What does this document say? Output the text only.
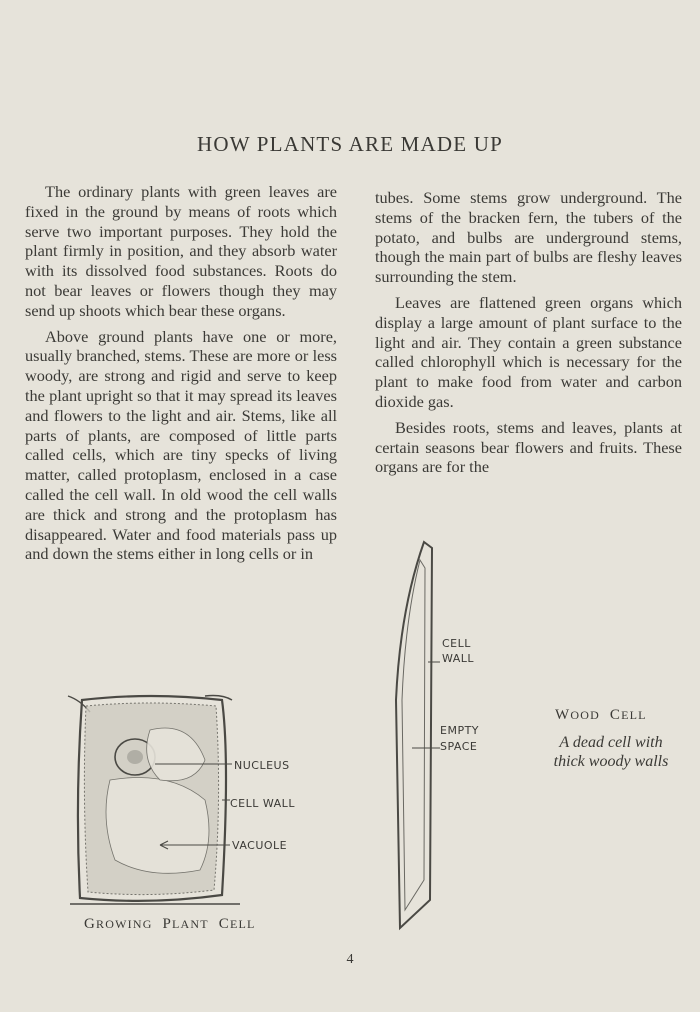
HOW PLANTS ARE MADE UP

The ordinary plants with green leaves are fixed in the ground by means of roots which serve two important purposes. They hold the plant firmly in position, and they absorb water with its dissolved food substances. Roots do not bear leaves or flowers though they may send up shoots which bear these organs.

Above ground plants have one or more, usually branched, stems. These are more or less woody, are strong and rigid and serve to keep the plant upright so that it may spread its leaves and flowers to the light and air. Stems, like all parts of plants, are composed of little parts called cells, which are tiny specks of living matter, called protoplasm, enclosed in a case called the cell wall. In old wood the cell walls are thick and strong and the protoplasm has disappeared. Water and food materials pass up and down the stems either in long cells or in

tubes. Some stems grow underground. The stems of the bracken fern, the tubers of the potato, and bulbs are underground stems, though the main part of bulbs are fleshy leaves surrounding the stem.

Leaves are flattened green organs which display a large amount of plant surface to the light and air. They contain a green substance called chlorophyll which is necessary for the plant to make food from water and carbon dioxide gas.

Besides roots, stems and leaves, plants at certain seasons bear flowers and fruits. These organs are for the

NUCLEUS
CELL WALL
VACUOLE
GROWING PLANT CELL
CELL
WALL
EMPTY
SPACE
WOOD CELL
A dead cell with
thick woody walls
4
